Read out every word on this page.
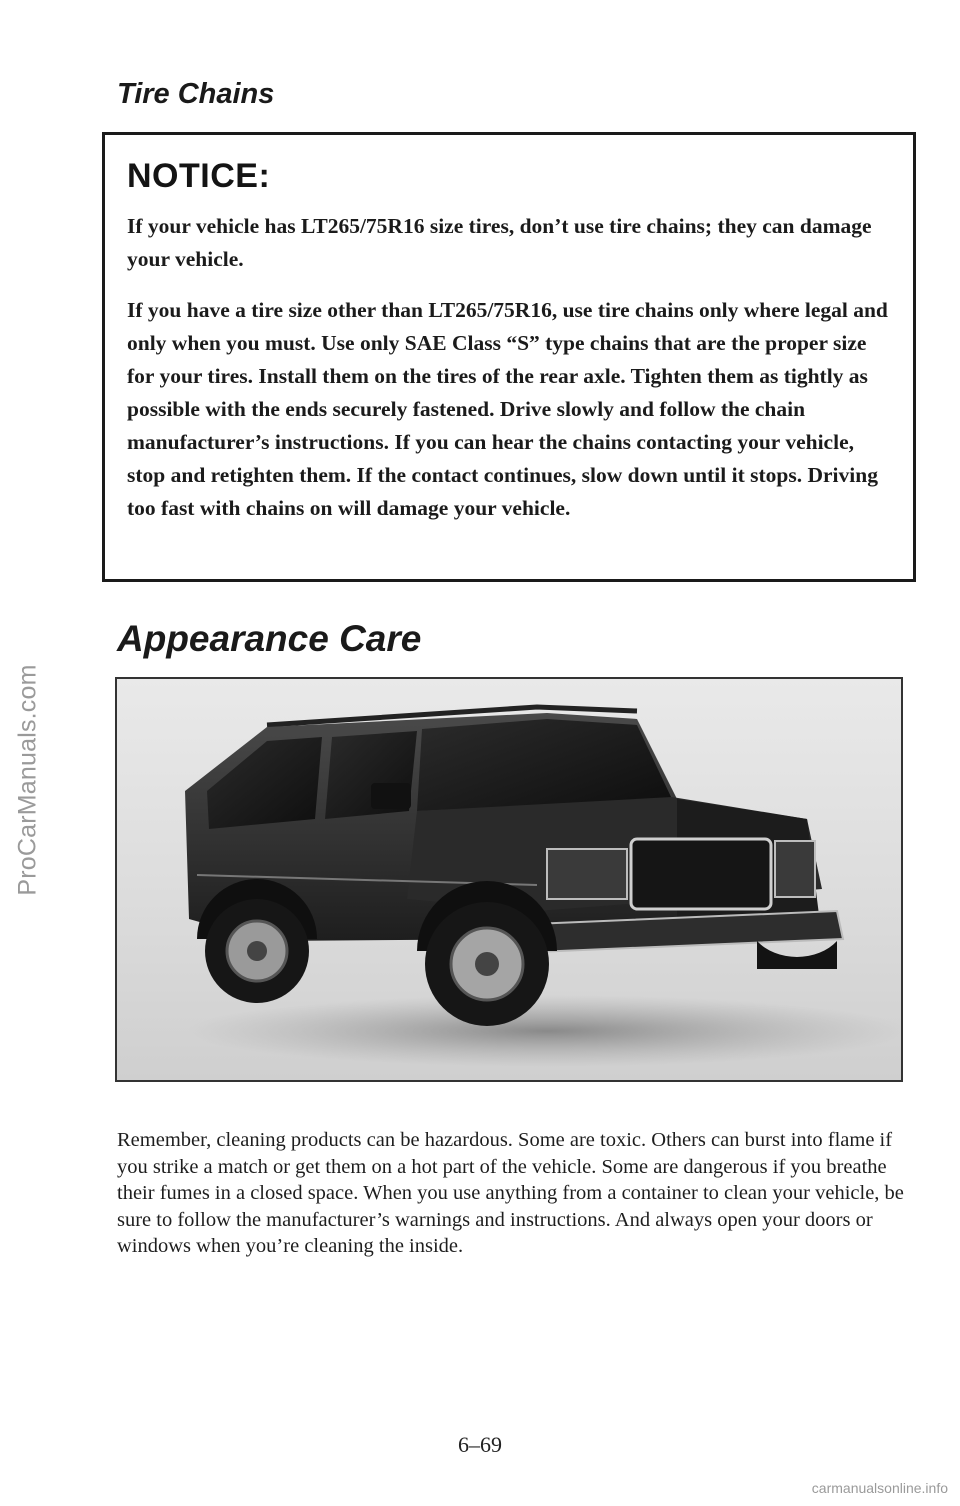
ProCarManuals.com
Tire Chains
NOTICE:

If your vehicle has LT265/75R16 size tires, don’t use tire chains; they can damage your vehicle.

If you have a tire size other than LT265/75R16, use tire chains only where legal and only when you must. Use only SAE Class “S” type chains that are the proper size for your tires. Install them on the tires of the rear axle. Tighten them as tightly as possible with the ends securely fastened. Drive slowly and follow the chain manufacturer’s instructions. If you can hear the chains contacting your vehicle, stop and retighten them. If the contact continues, slow down until it stops. Driving too fast with chains on will damage your vehicle.

Appearance Care

Remember, cleaning products can be hazardous. Some are toxic. Others can burst into flame if you strike a match or get them on a hot part of the vehicle. Some are dangerous if you breathe their fumes in a closed space. When you use anything from a container to clean your vehicle, be sure to follow the manufacturer’s warnings and instructions. And always open your doors or windows when you’re cleaning the inside.

6–69
carmanualsonline.info
